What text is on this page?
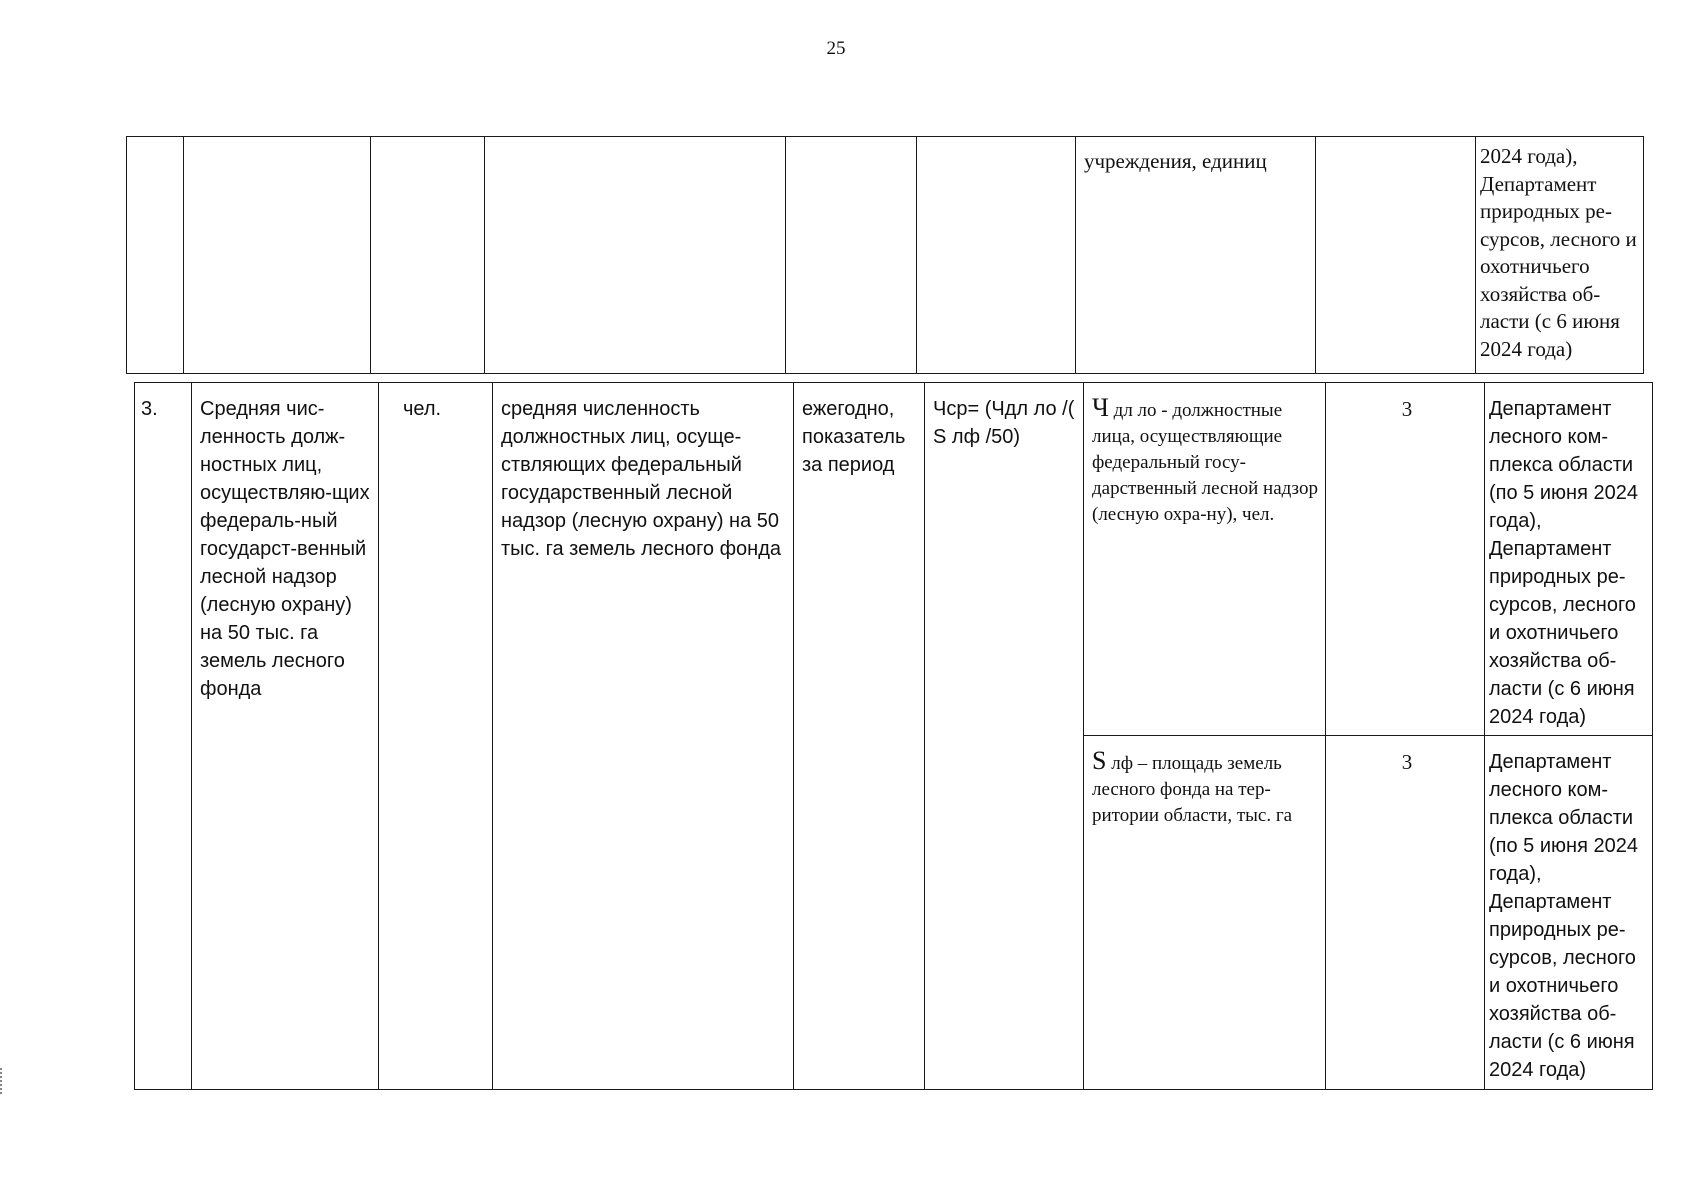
25
						учреждения, единиц		2024 года), Департамент природных ре-сурсов, лесного и охотничьего хозяйства об-ласти (с 6 июня 2024 года)
3.	Средняя чис-ленность долж-ностных лиц, осуществляю-щих федераль-ный государст-венный лесной надзор (лесную охрану) на 50 тыс. га земель лесного фонда	чел.	средняя численность должностных лиц, осуще-ствляющих федеральный государственный лесной надзор (лесную охрану) на 50 тыс. га земель лесного фонда	ежегодно, показатель за период	Чср= (Чдл ло /( S лф /50)	Ч дл ло - должностные лица, осуществляющие федеральный госу-дарственный лесной надзор (лесную охра-ну), чел.	3	Департамент лесного ком-плекса области (по 5 июня 2024 года), Департамент природных ре-сурсов, лесного и охотничьего хозяйства об-ласти (с 6 июня 2024 года)
						S лф – площадь земель лесного фонда на тер-ритории области, тыс. га	3	Департамент лесного ком-плекса области (по 5 июня 2024 года), Департамент природных ре-сурсов, лесного и охотничьего хозяйства об-ласти (с 6 июня 2024 года)
